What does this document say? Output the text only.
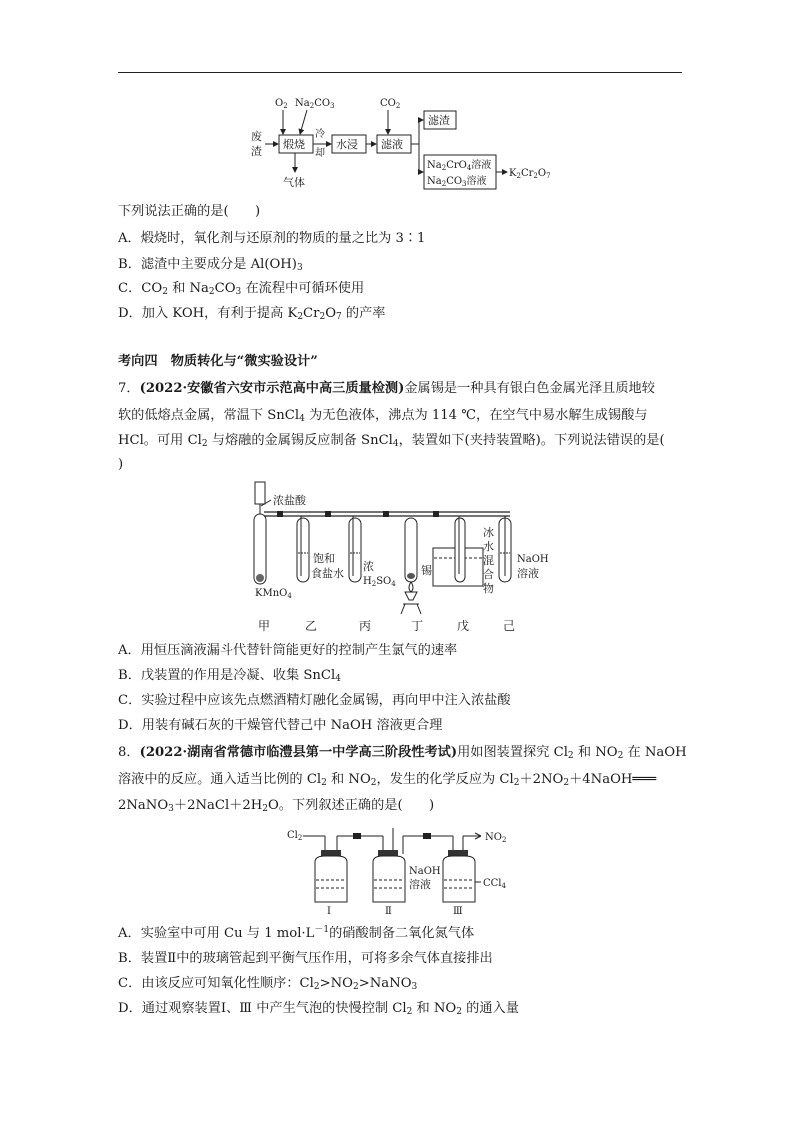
$O_2$ $Na_2CO_3$	$CO_2$
废
渣
煅烧
冷
却
水浸 滤液
气体
滤渣
$Na_2CrO_4$溶液
$Na_2CO_3$溶液
$K_2Cr_2O_7$
下列说法正确的是(　　)
A．煅烧时，氧化剂与还原剂的物质的量之比为 3∶1
B．滤渣中主要成分是 $Al(OH)_3$
C．$CO_2$ 和 $Na_2CO_3$ 在流程中可循环使用
D．加入 KOH，有利于提高 $K_2Cr_2O_7$ 的产率
考向四　物质转化与“微实验设计”
7．(2022·安徽省六安市示范高中高三质量检测)金属锡是一种具有银白色金属光泽且质地较
软的低熔点金属，常温下 SnCl$_4$ 为无色液体，沸点为 114 ℃，在空气中易水解生成锡酸与
HCl。可用 $Cl_2$ 与熔融的金属锡反应制备 SnCl$_4$，装置如下(夹持装置略)。下列说法错误的是(
)
浓盐酸
KMnO$_4$
饱和
食盐水
浓
$H_2SO_4$
锡
冰
水
混
合
物
NaOH
溶液
甲	乙	丙	丁	戊	己
A．用恒压滴液漏斗代替针筒能更好的控制产生氯气的速率
B．戊装置的作用是冷凝、收集 SnCl$_4$
C．实验过程中应该先点燃酒精灯融化金属锡，再向甲中注入浓盐酸
D．用装有碱石灰的干燥管代替己中 NaOH 溶液更合理
8．(2022·湖南省常德市临澧县第一中学高三阶段性考试)用如图装置探究 $Cl_2$ 和 $NO_2$ 在 NaOH
溶液中的反应。通入适当比例的 $Cl_2$ 和 $NO_2$，发生的化学反应为 $Cl_2+2NO_2+4NaOH═══$
$2NaNO_3+2NaCl+2H_2O$。下列叙述正确的是(　　)
$Cl_2$	$NO_2$
NaOH
溶液	CCl$_4$
Ⅰ	Ⅱ	Ⅲ
A．实验室中可用 Cu 与 1 $mol\cdot L^{-1}$的硝酸制备二氧化氮气体
B．装置Ⅱ中的玻璃管起到平衡气压作用，可将多余气体直接排出
C．由该反应可知氧化性顺序：$Cl_2>NO_2>NaNO_3$
D．通过观察装置Ⅰ、Ⅲ 中产生气泡的快慢控制 $Cl_2$ 和 $NO_2$ 的通入量
